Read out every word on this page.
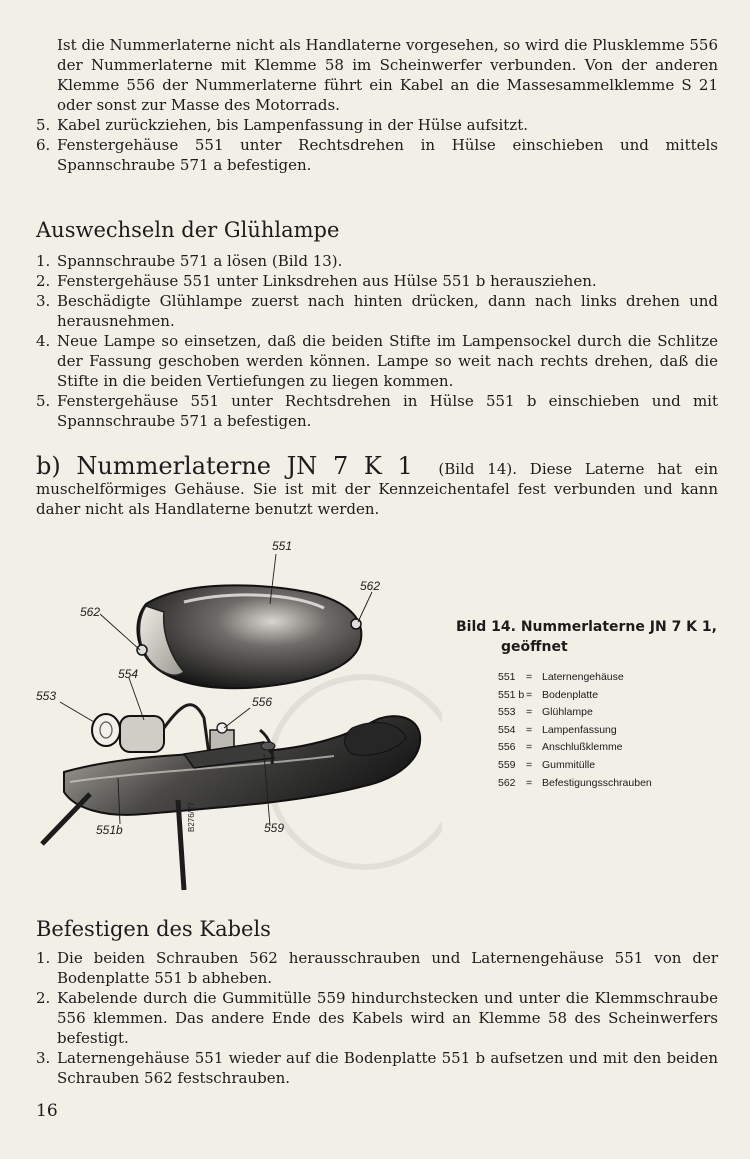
Ist die Nummerlaterne nicht als Handlaterne vorgesehen, so wird die Plusklemme 556 der Nummerlaterne mit Klemme 58 im Scheinwerfer verbunden. Von der anderen Klemme 556 der Nummerlaterne führt ein Kabel an die Massesammelklemme S 21 oder sonst zur Masse des Motorrads.

5. Kabel zurückziehen, bis Lampenfassung in der Hülse aufsitzt.
6. Fenstergehäuse 551 unter Rechtsdrehen in Hülse einschieben und mittels Spannschraube 571 a befestigen.
Auswechseln der Glühlampe
1. Spannschraube 571 a lösen (Bild 13).
2. Fenstergehäuse 551 unter Linksdrehen aus Hülse 551 b herausziehen.
3. Beschädigte Glühlampe zuerst nach hinten drücken, dann nach links drehen und herausnehmen.
4. Neue Lampe so einsetzen, daß die beiden Stifte im Lampensockel durch die Schlitze der Fassung geschoben werden können. Lampe so weit nach rechts drehen, daß die Stifte in die beiden Vertiefungen zu liegen kommen.
5. Fenstergehäuse 551 unter Rechtsdrehen in Hülse 551 b einschieben und mit Spannschraube 571 a befestigen.

b) Nummerlaterne JN 7 K 1 (Bild 14). Diese Laterne hat ein muschelförmiges Gehäuse. Sie ist mit der Kennzeichentafel fest verbunden und kann daher nicht als Handlaterne benutzt werden.

551
562
562
554
553	556
551b	559
B276/27
Bild 14. Nummerlaterne JN 7 K 1,
geöffnet
551 = Laternengehäuse
551 b = Bodenplatte
553 = Glühlampe
554 = Lampenfassung
556 = Anschlußklemme
559 = Gummitülle
562 = Befestigungsschrauben
Befestigen des Kabels
1. Die beiden Schrauben 562 herausschrauben und Laternengehäuse 551 von der Bodenplatte 551 b abheben.
2. Kabelende durch die Gummitülle 559 hindurchstecken und unter die Klemmschraube 556 klemmen. Das andere Ende des Kabels wird an Klemme 58 des Scheinwerfers befestigt.
3. Laternengehäuse 551 wieder auf die Bodenplatte 551 b aufsetzen und mit den beiden Schrauben 562 festschrauben.
16
